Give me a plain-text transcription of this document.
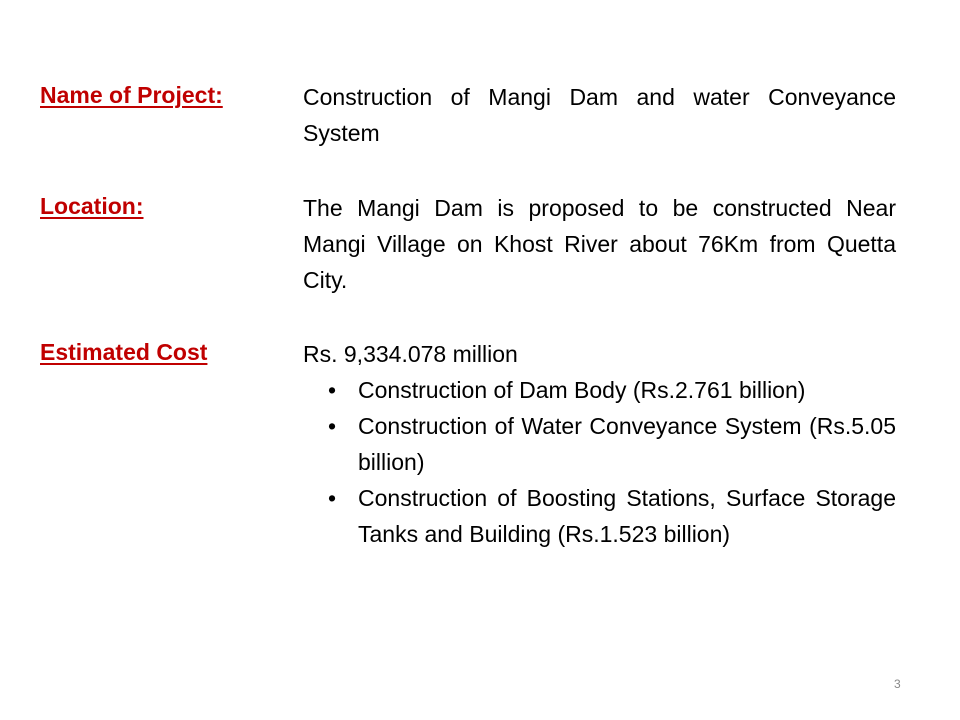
Name of Project:	Construction of Mangi Dam and water Conveyance System
Location:	The Mangi Dam is proposed to be constructed Near Mangi Village on Khost River about 76Km from Quetta City.
Estimated Cost	Rs. 9,334.078 million
• Construction of Dam Body (Rs.2.761 billion)
• Construction of Water Conveyance System (Rs.5.05 billion)
• Construction of Boosting Stations, Surface Storage Tanks and Building (Rs.1.523 billion)
3
